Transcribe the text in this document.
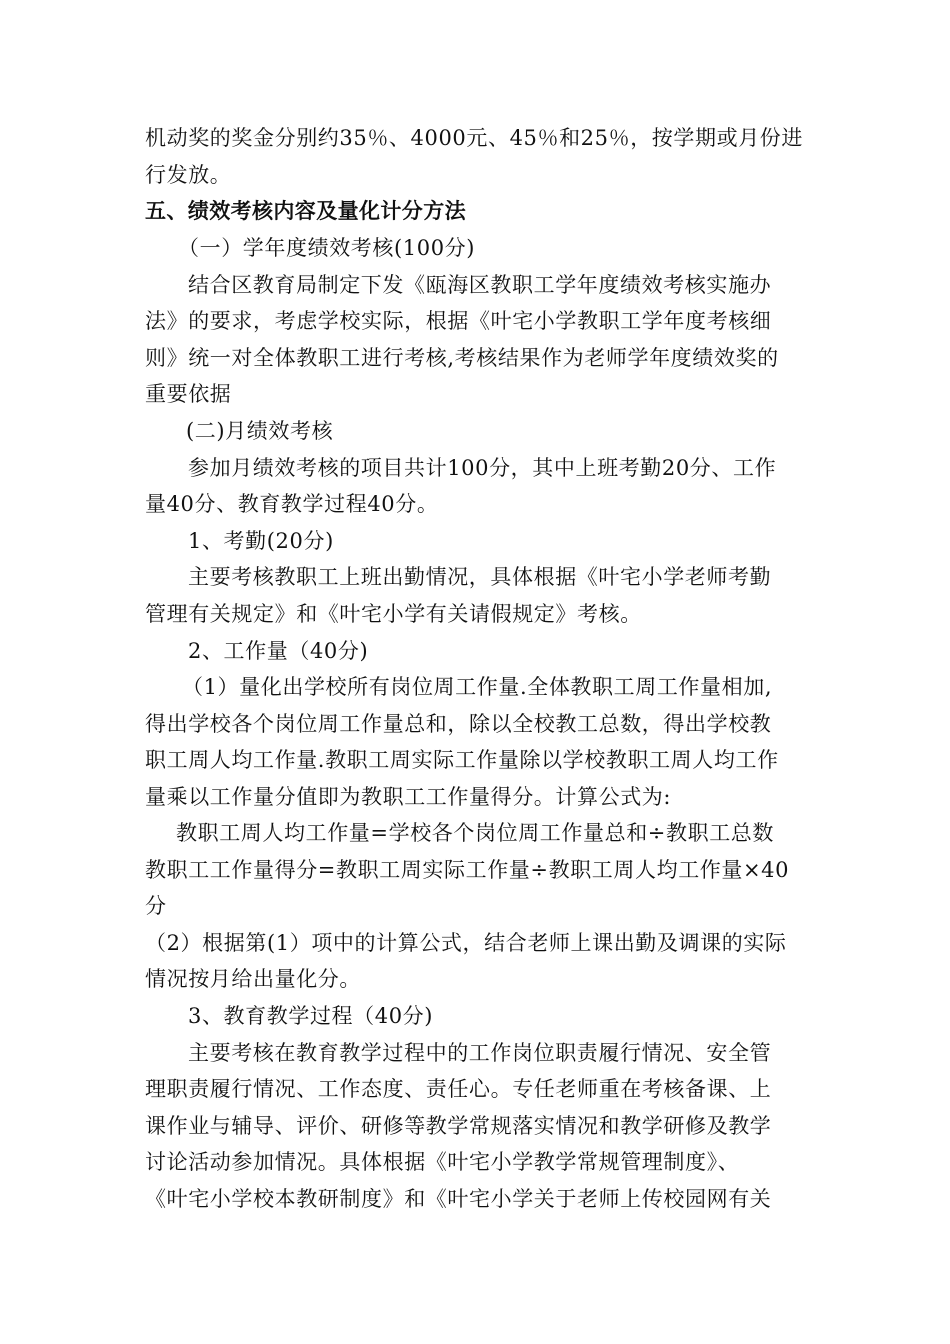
机动奖的奖金分别约35％、4000元、45％和25％，按学期或月份进
行发放。
五、绩效考核内容及量化计分方法
（一）学年度绩效考核(100分)
结合区教育局制定下发《瓯海区教职工学年度绩效考核实施办
法》的要求，考虑学校实际，根据《叶宅小学教职工学年度考核细
则》统一对全体教职工进行考核,考核结果作为老师学年度绩效奖的
重要依据
(二)月绩效考核
参加月绩效考核的项目共计100分，其中上班考勤20分、工作
量40分、教育教学过程40分。
1、考勤(20分)
主要考核教职工上班出勤情况，具体根据《叶宅小学老师考勤
管理有关规定》和《叶宅小学有关请假规定》考核。
2、工作量（40分)
（1）量化出学校所有岗位周工作量.全体教职工周工作量相加,
得出学校各个岗位周工作量总和，除以全校教工总数，得出学校教
职工周人均工作量.教职工周实际工作量除以学校教职工周人均工作
量乘以工作量分值即为教职工工作量得分。计算公式为:
教职工周人均工作量=学校各个岗位周工作量总和÷教职工总数
教职工工作量得分=教职工周实际工作量÷教职工周人均工作量×40
分
（2）根据第(1）项中的计算公式，结合老师上课出勤及调课的实际
情况按月给出量化分。
3、教育教学过程（40分)
主要考核在教育教学过程中的工作岗位职责履行情况、安全管
理职责履行情况、工作态度、责任心。专任老师重在考核备课、上
课作业与辅导、评价、研修等教学常规落实情况和教学研修及教学
讨论活动参加情况。具体根据《叶宅小学教学常规管理制度》、
《叶宅小学校本教研制度》和《叶宅小学关于老师上传校园网有关
